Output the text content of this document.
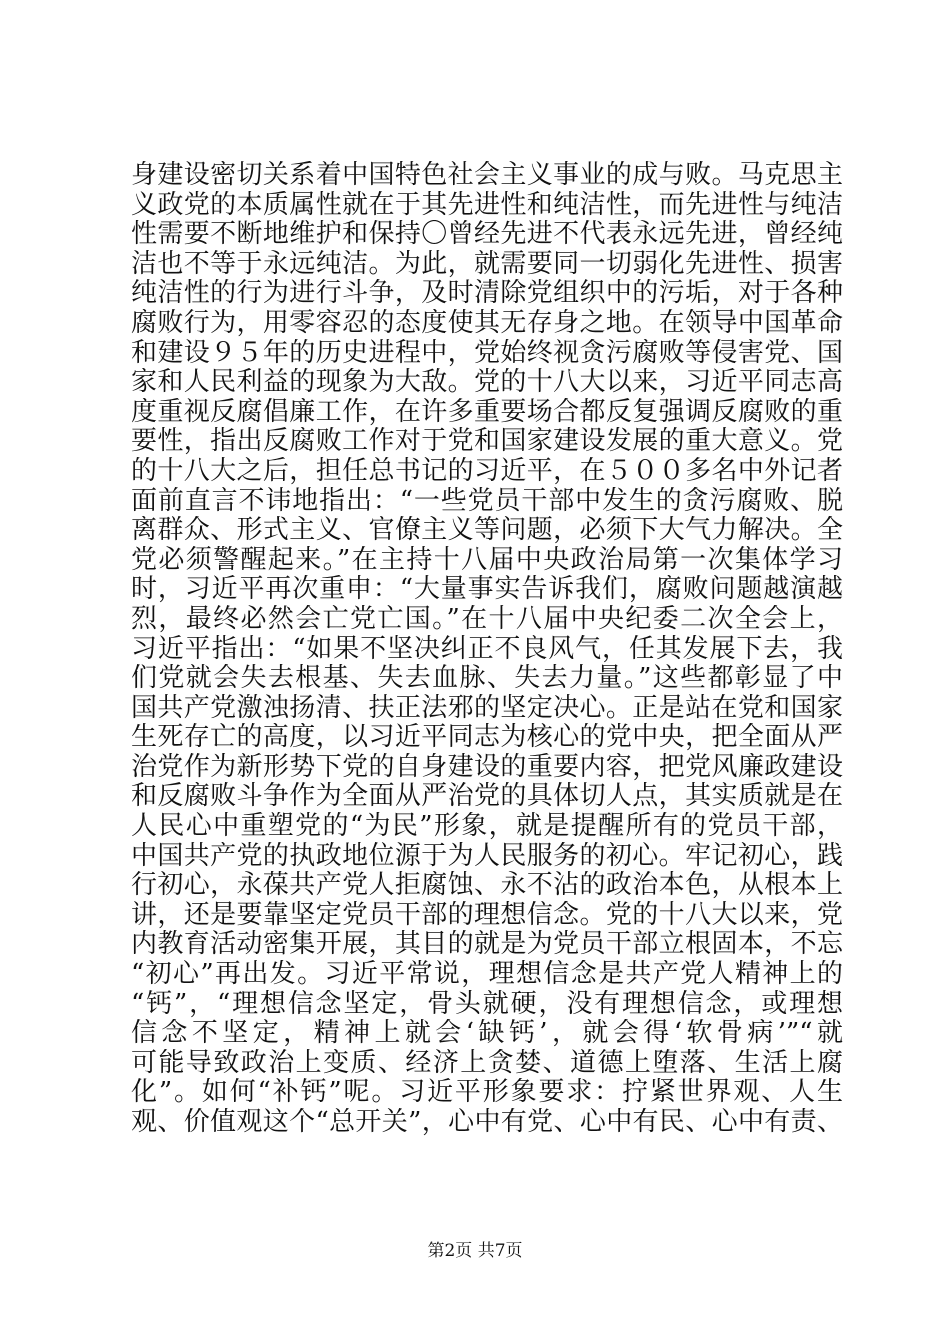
身建设密切关系着中国特色社会主义事业的成与败。马克思主
义政党的本质属性就在于其先进性和纯洁性，而先进性与纯洁
性需要不断地维护和保持〇曾经先进不代表永远先进，曾经纯
洁也不等于永远纯洁。为此，就需要同一切弱化先进性、损害
纯洁性的行为进行斗争，及时清除党组织中的污垢，对于各种
腐败行为，用零容忍的态度使其无存身之地。在领导中国革命
和建设９５年的历史进程中，党始终视贪污腐败等侵害党、国
家和人民利益的现象为大敌。党的十八大以来，习近平同志高
度重视反腐倡廉工作，在许多重要场合都反复强调反腐败的重
要性，指出反腐败工作对于党和国家建设发展的重大意义。党
的十八大之后，担任总书记的习近平，在５００多名中外记者
面前直言不讳地指出：“一些党员干部中发生的贪污腐败、脱
离群众、形式主义、官僚主义等问题，必须下大气力解决。全
党必须警醒起来。”在主持十八届中央政治局第一次集体学习
时，习近平再次重申：“大量事实告诉我们，腐败问题越演越
烈，最终必然会亡党亡国。”在十八届中央纪委二次全会上，
习近平指出：“如果不坚决纠正不良风气，任其发展下去，我
们党就会失去根基、失去血脉、失去力量。”这些都彰显了中
国共产党激浊扬清、扶正法邪的坚定决心。正是站在党和国家
生死存亡的高度，以习近平同志为核心的党中央，把全面从严
治党作为新形势下党的自身建设的重要内容，把党风廉政建设
和反腐败斗争作为全面从严治党的具体切人点，其实质就是在
人民心中重塑党的“为民”形象，就是提醒所有的党员干部，
中国共产党的执政地位源于为人民服务的初心。牢记初心，践
行初心，永葆共产党人拒腐蚀、永不沾的政治本色，从根本上
讲，还是要靠坚定党员干部的理想信念。党的十八大以来，党
内教育活动密集开展，其目的就是为党员干部立根固本，不忘
“初心”再出发。习近平常说，理想信念是共产党人精神上的
“钙”，“理想信念坚定，骨头就硬，没有理想信念，或理想
信念不坚定，精神上就会‘缺钙’，就会得‘软骨病’”“就
可能导致政治上变质、经济上贪婪、道德上堕落、生活上腐
化”。如何“补钙”呢。习近平形象要求：拧紧世界观、人生
观、价值观这个“总开关”，心中有党、心中有民、心中有责、
第2页 共7页
